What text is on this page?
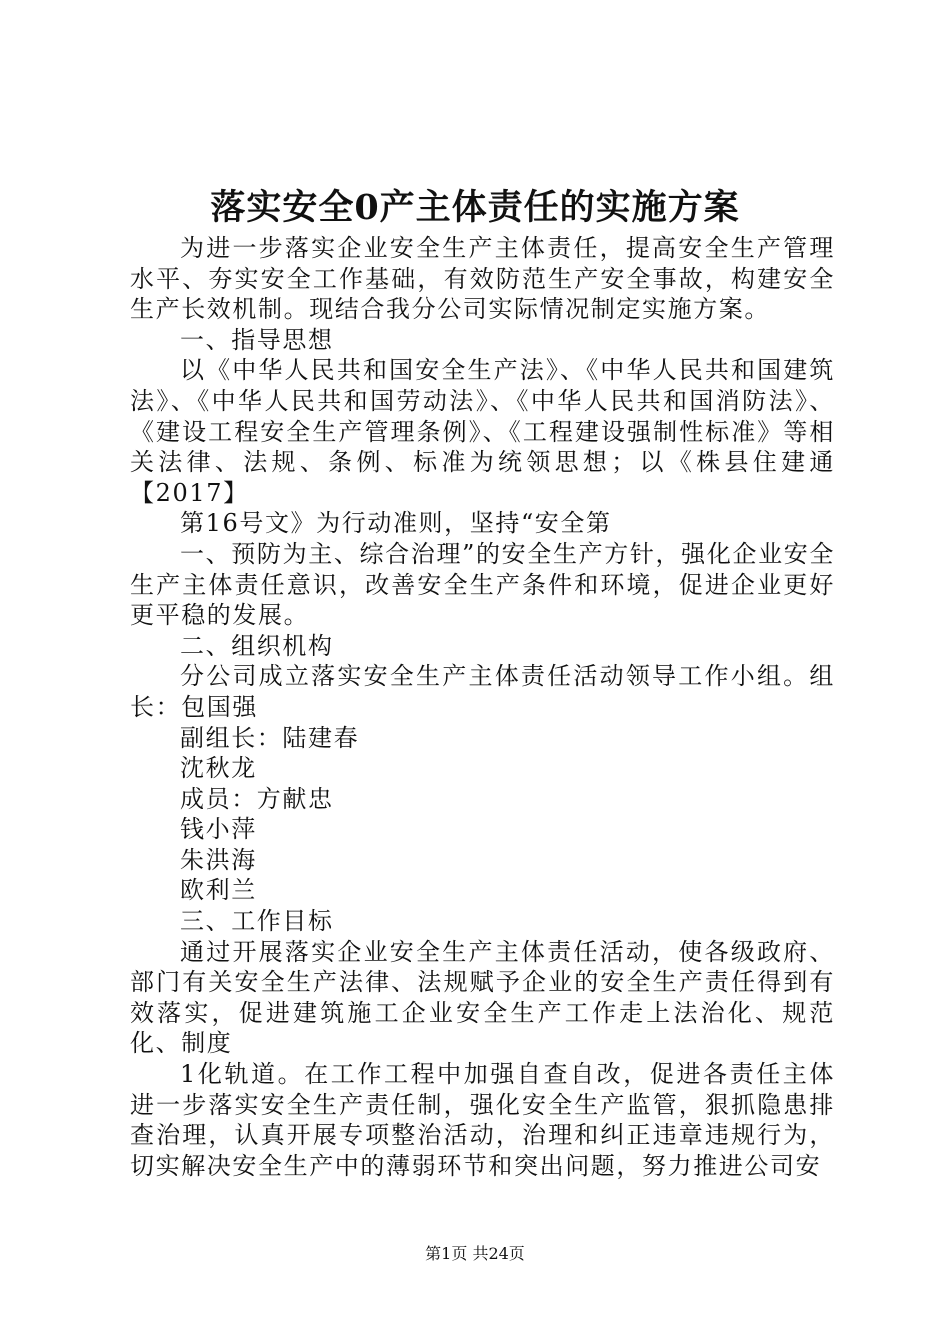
落实安全0产主体责任的实施方案

为进一步落实企业安全生产主体责任，提高安全生产管理水平、夯实安全工作基础，有效防范生产安全事故，构建安全生产长效机制。现结合我分公司实际情况制定实施方案。

一、指导思想

以《中华人民共和国安全生产法》、《中华人民共和国建筑法》、《中华人民共和国劳动法》、《中华人民共和国消防法》、《建设工程安全生产管理条例》、《工程建设强制性标准》等相关法律、法规、条例、标准为统领思想；以《株县住建通【2017】

第16号文》为行动准则，坚持“安全第

一、预防为主、综合治理”的安全生产方针，强化企业安全生产主体责任意识，改善安全生产条件和环境，促进企业更好更平稳的发展。

二、组织机构

分公司成立落实安全生产主体责任活动领导工作小组。组长：包国强

副组长：陆建春

沈秋龙

成员：方献忠

钱小萍

朱洪海

欧利兰

三、工作目标

通过开展落实企业安全生产主体责任活动，使各级政府、部门有关安全生产法律、法规赋予企业的安全生产责任得到有效落实，促进建筑施工企业安全生产工作走上法治化、规范化、制度

1化轨道。在工作工程中加强自查自改，促进各责任主体进一步落实安全生产责任制，强化安全生产监管，狠抓隐患排查治理，认真开展专项整治活动，治理和纠正违章违规行为，切实解决安全生产中的薄弱环节和突出问题，努力推进公司安

第1页 共24页
